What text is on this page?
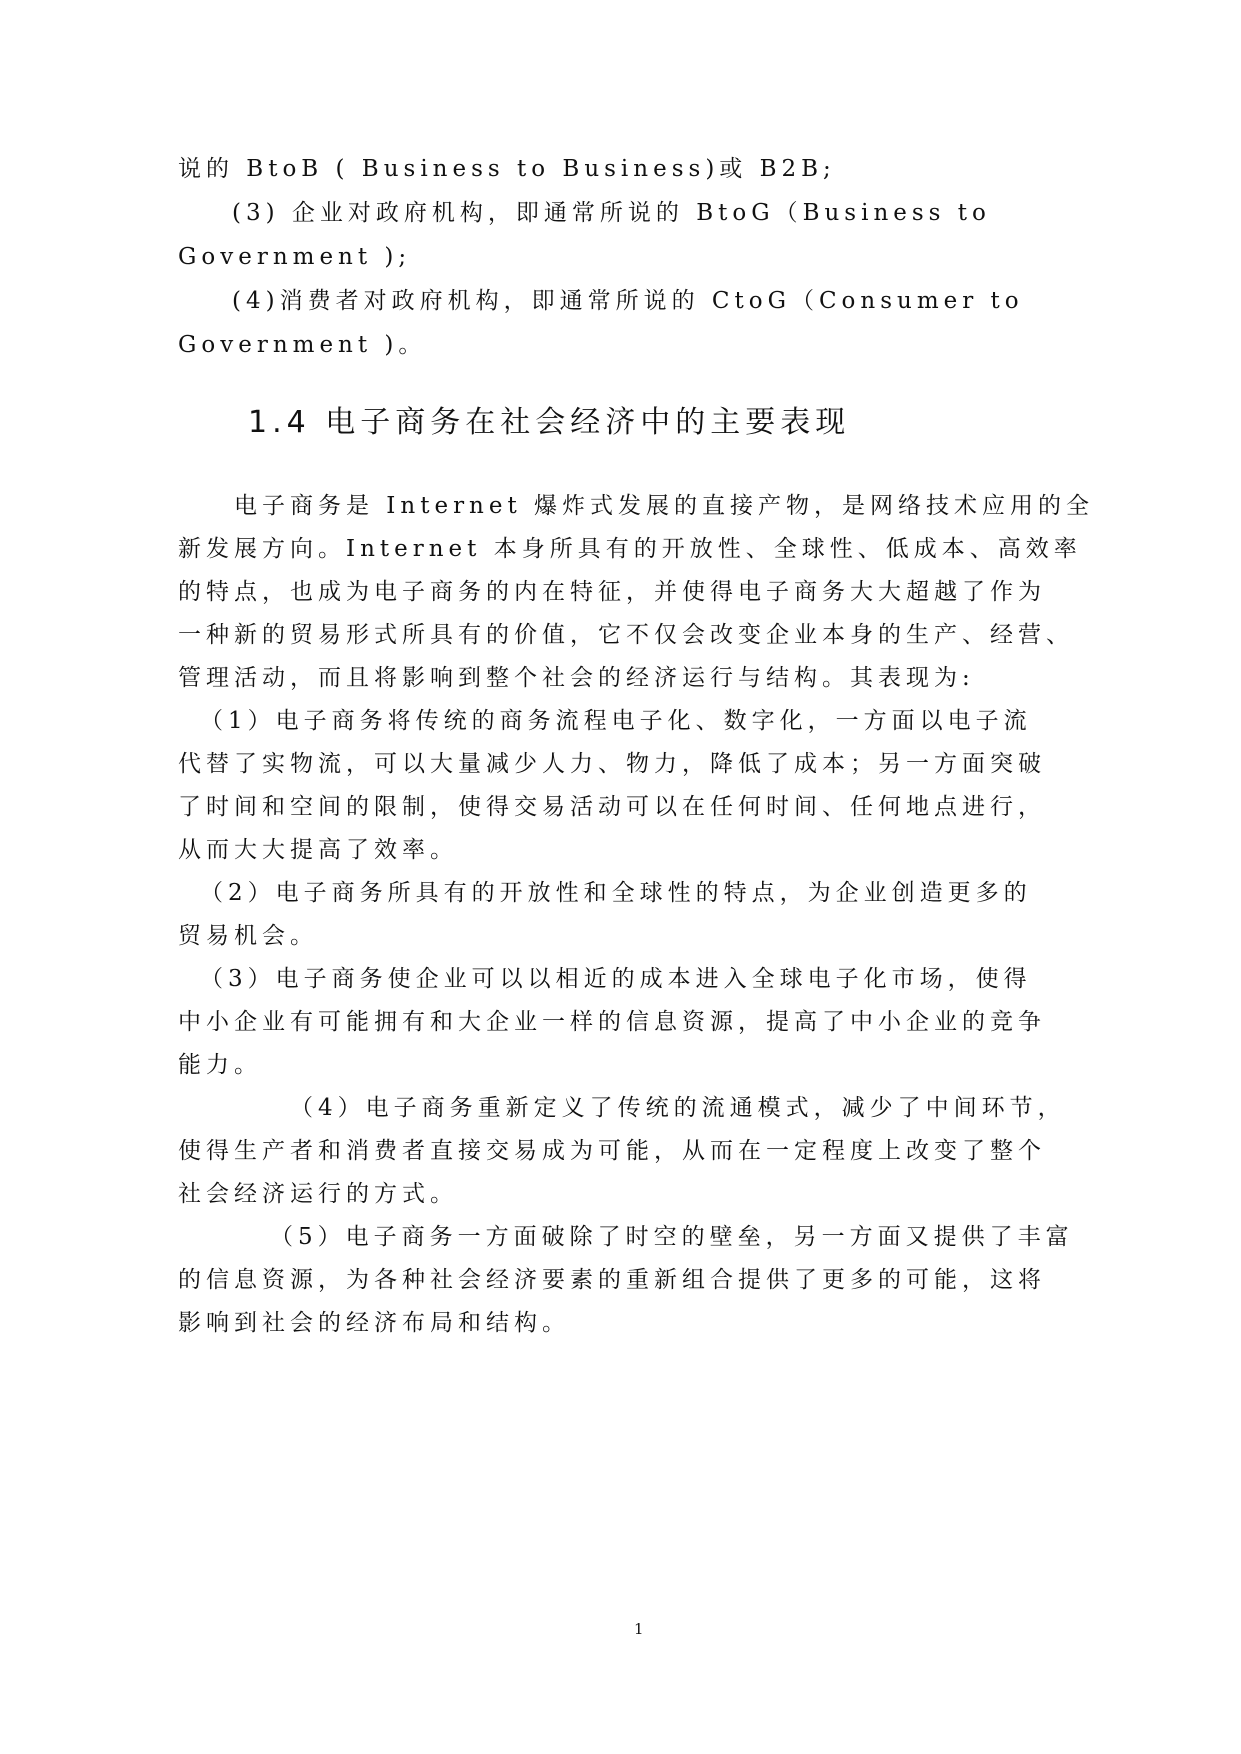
说的 BtoB ( Business to Business)或 B2B;
(3) 企业对政府机构，即通常所说的 BtoG（Business to
Government );
(4)消费者对政府机构，即通常所说的 CtoG（Consumer to
Government )。
1.4 电子商务在社会经济中的主要表现
电子商务是 Internet 爆炸式发展的直接产物，是网络技术应用的全
新发展方向。Internet 本身所具有的开放性、全球性、低成本、高效率
的特点，也成为电子商务的内在特征，并使得电子商务大大超越了作为
一种新的贸易形式所具有的价值，它不仅会改变企业本身的生产、经营、
管理活动，而且将影响到整个社会的经济运行与结构。其表现为:
（1）电子商务将传统的商务流程电子化、数字化，一方面以电子流
代替了实物流，可以大量减少人力、物力，降低了成本；另一方面突破
了时间和空间的限制，使得交易活动可以在任何时间、任何地点进行，
从而大大提高了效率。
（2）电子商务所具有的开放性和全球性的特点，为企业创造更多的
贸易机会。
（3）电子商务使企业可以以相近的成本进入全球电子化市场，使得
中小企业有可能拥有和大企业一样的信息资源，提高了中小企业的竞争
能力。
（4）电子商务重新定义了传统的流通模式，减少了中间环节，
使得生产者和消费者直接交易成为可能，从而在一定程度上改变了整个
社会经济运行的方式。
（5）电子商务一方面破除了时空的壁垒，另一方面又提供了丰富
的信息资源，为各种社会经济要素的重新组合提供了更多的可能，这将
影响到社会的经济布局和结构。
1
